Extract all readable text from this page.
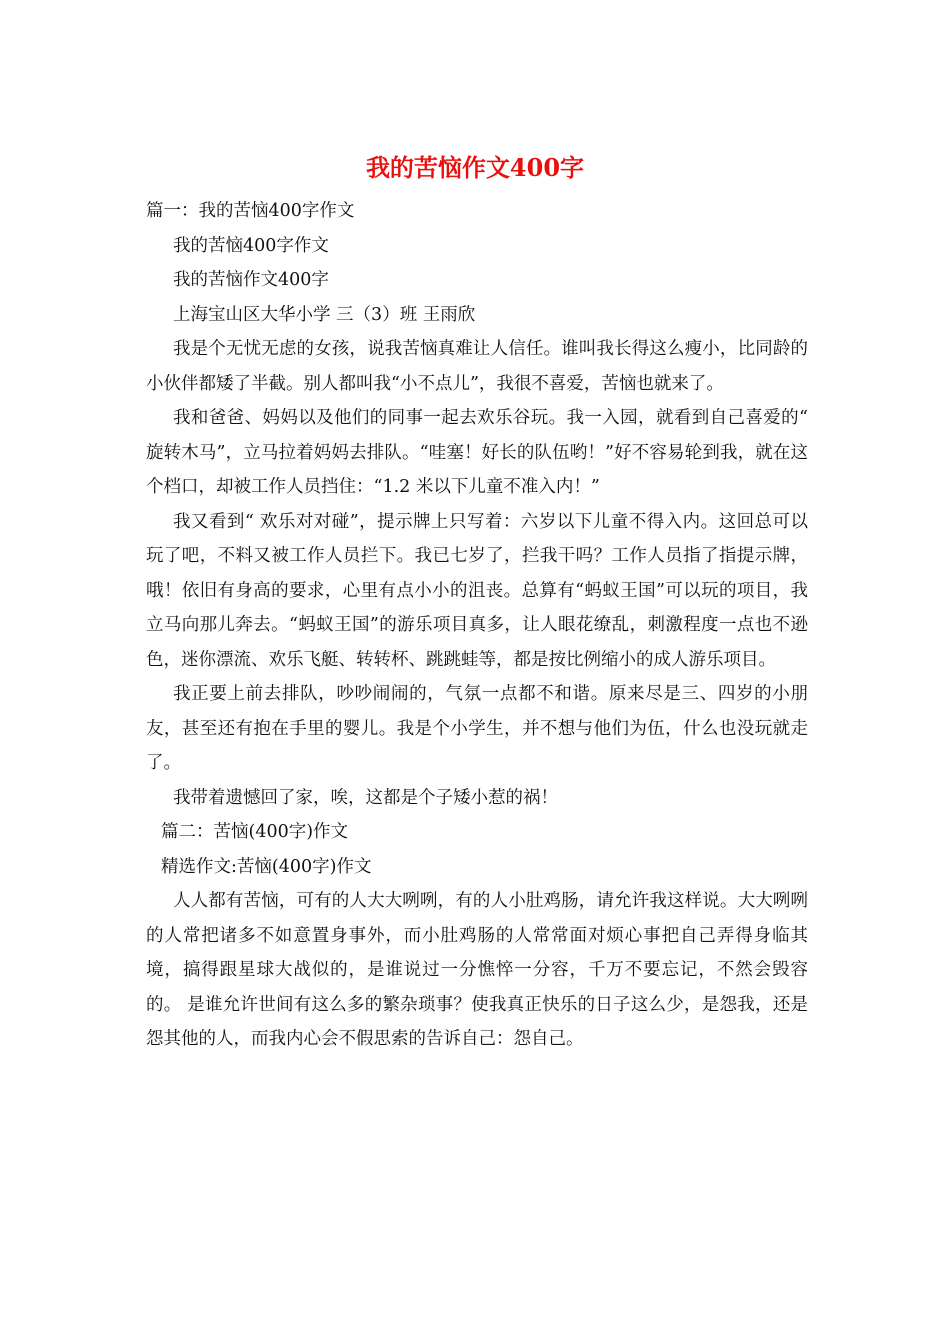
我的苦恼作文400字

篇一：我的苦恼400字作文

我的苦恼400字作文

我的苦恼作文400字

上海宝山区大华小学 三（3）班 王雨欣

我是个无忧无虑的女孩，说我苦恼真难让人信任。谁叫我长得这么瘦小，比同龄的 小伙伴都矮了半截。别人都叫我“小不点儿”，我很不喜爱，苦恼也就来了。

我和爸爸、妈妈以及他们的同事一起去欢乐谷玩。我一入园，就看到自己喜爱的“ 旋转木马”，立马拉着妈妈去排队。“哇塞！好长的队伍哟！”好不容易轮到我，就在这个档口，却被工作人员挡住：“1.2 米以下儿童不准入内！”

我又看到“ 欢乐对对碰”，提示牌上只写着：六岁以下儿童不得入内。这回总可以玩了吧，不料又被工作人员拦下。我已七岁了，拦我干吗？工作人员指了指提示牌，哦！依旧有身高的要求，心里有点小小的沮丧。总算有“蚂蚁王国”可以玩的项目，我立马向那儿奔去。“蚂蚁王国”的游乐项目真多，让人眼花缭乱，刺激程度一点也不逊色，迷你漂流、欢乐飞艇、转转杯、跳跳蛙等，都是按比例缩小的成人游乐项目。

我正要上前去排队，吵吵闹闹的，气氛一点都不和谐。原来尽是三、四岁的小朋友，甚至还有抱在手里的婴儿。我是个小学生，并不想与他们为伍，什么也没玩就走了。

我带着遗憾回了家，唉，这都是个子矮小惹的祸！

篇二：苦恼(400字)作文

精选作文:苦恼(400字)作文

人人都有苦恼，可有的人大大咧咧，有的人小肚鸡肠，请允许我这样说。大大咧咧的人常把诸多不如意置身事外，而小肚鸡肠的人常常面对烦心事把自己弄得身临其境，搞得跟星球大战似的，是谁说过一分憔悴一分容，千万不要忘记，不然会毁容的。 是谁允许世间有这么多的繁杂琐事？使我真正快乐的日子这么少，是怨我，还是怨其他的人，而我内心会不假思索的告诉自己：怨自己。
